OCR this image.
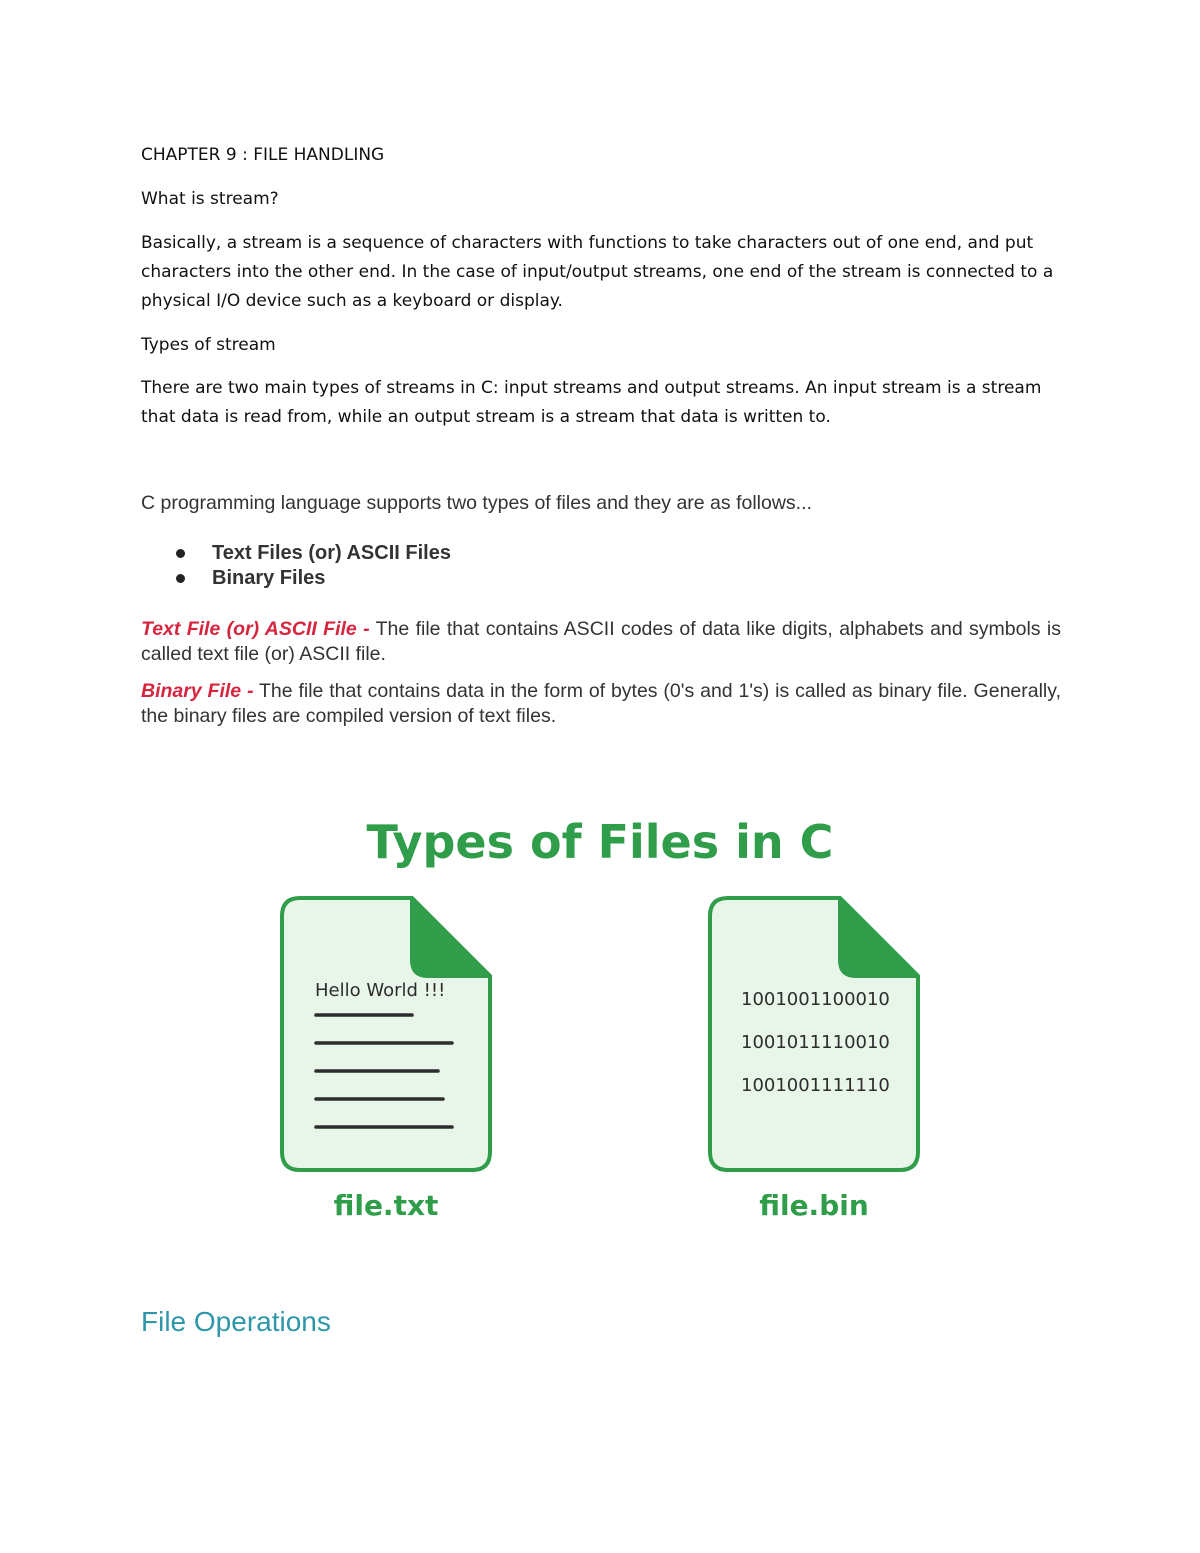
CHAPTER 9 : FILE HANDLING

What is stream?

Basically, a stream is a sequence of characters with functions to take characters out of one end, and put characters into the other end. In the case of input/output streams, one end of the stream is connected to a physical I/O device such as a keyboard or display.

Types of stream

There are two main types of streams in C: input streams and output streams. An input stream is a stream that data is read from, while an output stream is a stream that data is written to.

C programming language supports two types of files and they are as follows...

Text Files (or) ASCII Files
Binary Files

Text File (or) ASCII File - The file that contains ASCII codes of data like digits, alphabets and symbols is called text file (or) ASCII file.

Binary File - The file that contains data in the form of bytes (0's and 1's) is called as binary file. Generally, the binary files are compiled version of text files.

Types of Files in C
Hello World !!!
file.txt
1001001100010
1001011110010
1001001111110
file.bin
File Operations
